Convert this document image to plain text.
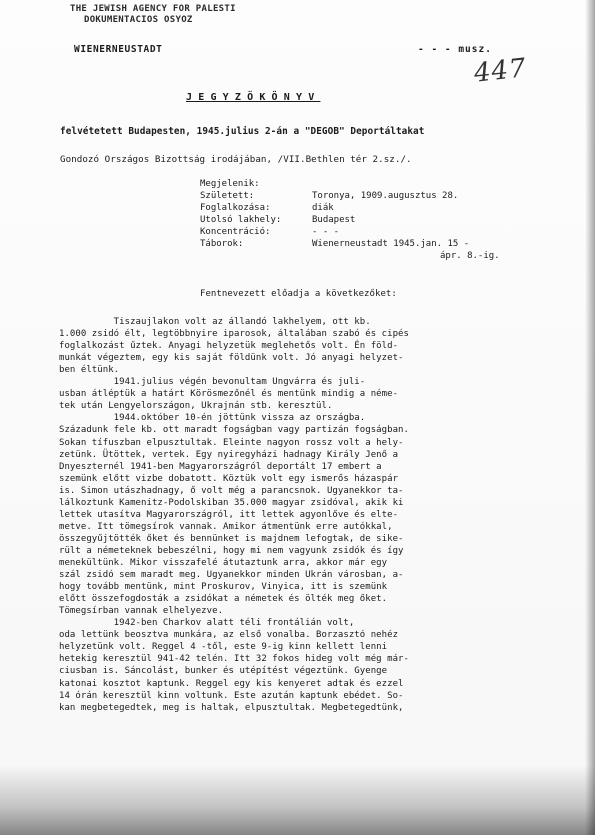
THE JEWISH AGENCY FOR PALESTI
DOKUMENTACIOS OSYOZ
WIENERNEUSTADT	- - - musz.
447
JEGYZÖKÖNYV
felvétetett Budapesten, 1945.julius 2-án a "DEGOB" Deportáltakat
Gondozó Országos Bizottság irodájában, /VII.Bethlen tér 2.sz./.
Megjelenik:
Született:	Toronya, 1909.augusztus 28.
Foglalkozása:	diák
Utolsó lakhely:	Budapest
Koncentráció:	- - -
Táborok:	Wienerneustadt 1945.jan. 15 -
ápr. 8.-ig.
Fentnevezett előadja a következőket:
Tiszaujlakon volt az állandó lakhelyem, ott kb.
1.000 zsidó élt, legtöbbnyire iparosok, általában szabó és cipés
foglalkozást űztek. Anyagi helyzetük meglehetős volt. Én föld-
munkát végeztem, egy kis saját földünk volt. Jó anyagi helyzet-
ben éltünk.
1941.julius végén bevonultam Ungvárra és juli-
usban átléptük a határt Körösmezőnél és mentünk mindig a néme-
tek után Lengyelországon, Ukrajnán stb. keresztül.
1944.október 10-én jöttünk vissza az országba.
Századunk fele kb. ott maradt fogságban vagy partizán fogságban.
Sokan tífuszban elpusztultak. Eleinte nagyon rossz volt a hely-
zetünk. Ütöttek, vertek. Egy nyiregyházi hadnagy Király Jenő a
Dnyeszternél 1941-ben Magyarországról deportált 17 embert a
szemünk előtt vizbe dobatott. Köztük volt egy ismerős házaspár
is. Simon utászhadnagy, ő volt még a parancsnok. Ugyanekkor ta-
lálkoztunk Kamenitz-Podolskiban 35.000 magyar zsidóval, akik ki
lettek utasítva Magyarországról, itt lettek agyonlőve és elte-
metve. Itt tömegsírok vannak. Amikor átmentünk erre autókkal,
összegyűjtötték őket és bennünket is majdnem lefogtak, de sike-
rült a németeknek bebeszélni, hogy mi nem vagyunk zsidók és így
menekültünk. Mikor visszafelé átutaztunk arra, akkor már egy
szál zsidó sem maradt meg. Ugyanekkor minden Ukrán városban, a-
hogy tovább mentünk, mint Proskurov, Vinyica, itt is szemünk
előtt összefogdosták a zsidókat a németek és ölték meg őket.
Tömegsírban vannak elhelyezve.
1942-ben Charkov alatt téli frontálián volt,
oda lettünk beosztva munkára, az első vonalba. Borzasztó nehéz
helyzetünk volt. Reggel 4 -től, este 9-ig kinn kellett lenni
hetekig keresztül 941-42 telén. Itt 32 fokos hideg volt még már-
ciusban is. Sáncolást, bunker és utépítést végeztünk. Gyenge
katonai kosztot kaptunk. Reggel egy kis kenyeret adtak és ezzel
14 órán keresztül kinn voltunk. Este azután kaptunk ebédet. So-
kan megbetegedtek, meg is haltak, elpusztultak. Megbetegedtünk,
